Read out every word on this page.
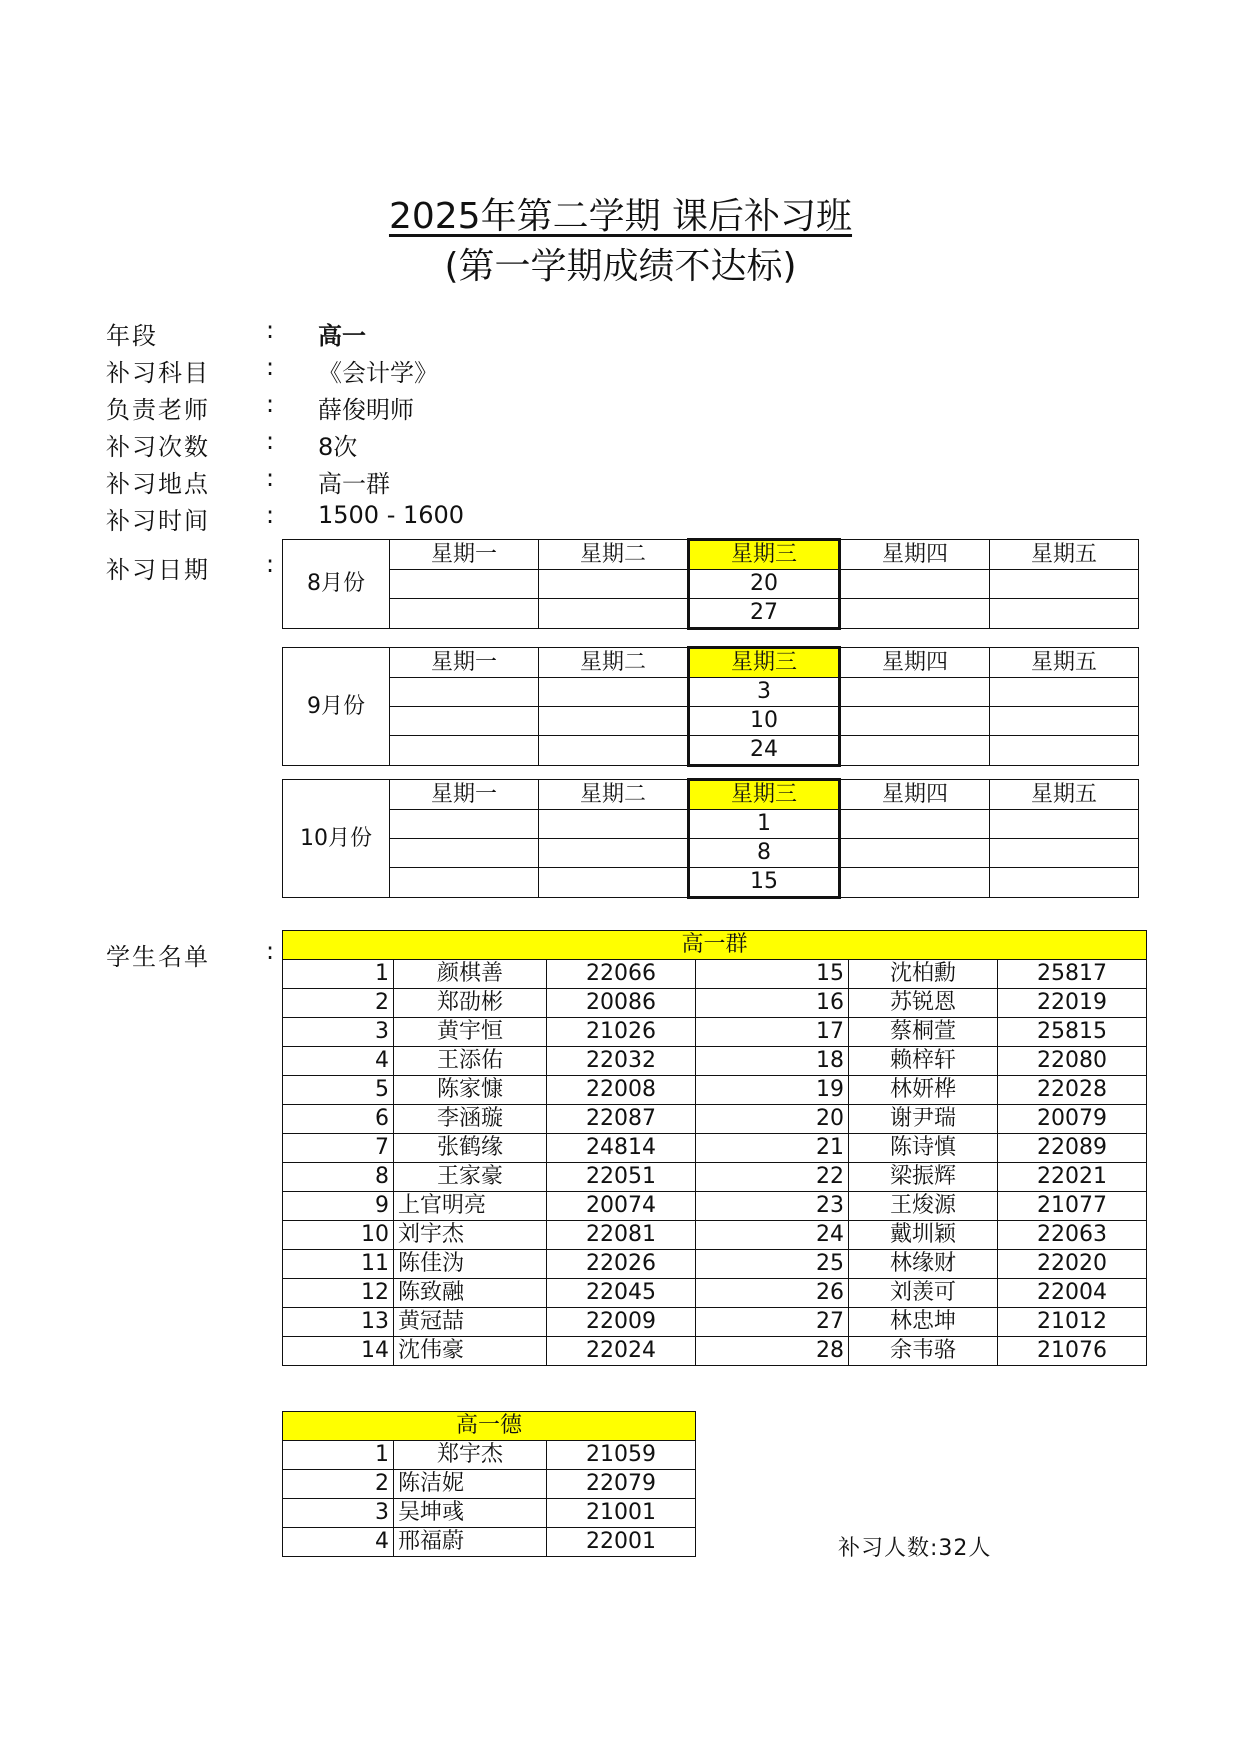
2025年第二学期 课后补习班
(第一学期成绩不达标)
年段	: 高一
补习科目	: 《会计学》
负责老师	: 薛俊明师
补习次数	: 8次
补习地点	: 高一群
补习时间	: 1500 - 1600
补习日期	:
8月份	星期一	星期二	星期三	星期四	星期五
			20		
			27		
9月份	星期一	星期二	星期三	星期四	星期五
			3		
			10		
			24		
10月份	星期一	星期二	星期三	星期四	星期五
			1		
			8		
			15		
学生名单	:	高一群					
1	颜棋善	22066	15	沈柏勳	25817
2	郑劭彬	20086	16	苏锐恩	22019
3	黄宇恒	21026	17	蔡桐萱	25815
4	王添佑	22032	18	赖梓轩	22080
5	陈家慷	22008	19	林妍桦	22028
6	李涵璇	22087	20	谢尹瑞	20079
7	张鹤缘	24814	21	陈诗慎	22089
8	王家豪	22051	22	梁振辉	22021
9	上官明亮	20074	23	王焌源	21077
10	刘宇杰	22081	24	戴圳颖	22063
11	陈佳沩	22026	25	林缘财	22020
12	陈致融	22045	26	刘羡可	22004
13	黄冠喆	22009	27	林忠坤	21012
14	沈伟豪	22024	28	余韦骆	21076
高一德		
1	郑宇杰	21059
2	陈洁妮	22079
3	吴坤彧	21001
4	邢福蔚	22001	补习人数:32人
